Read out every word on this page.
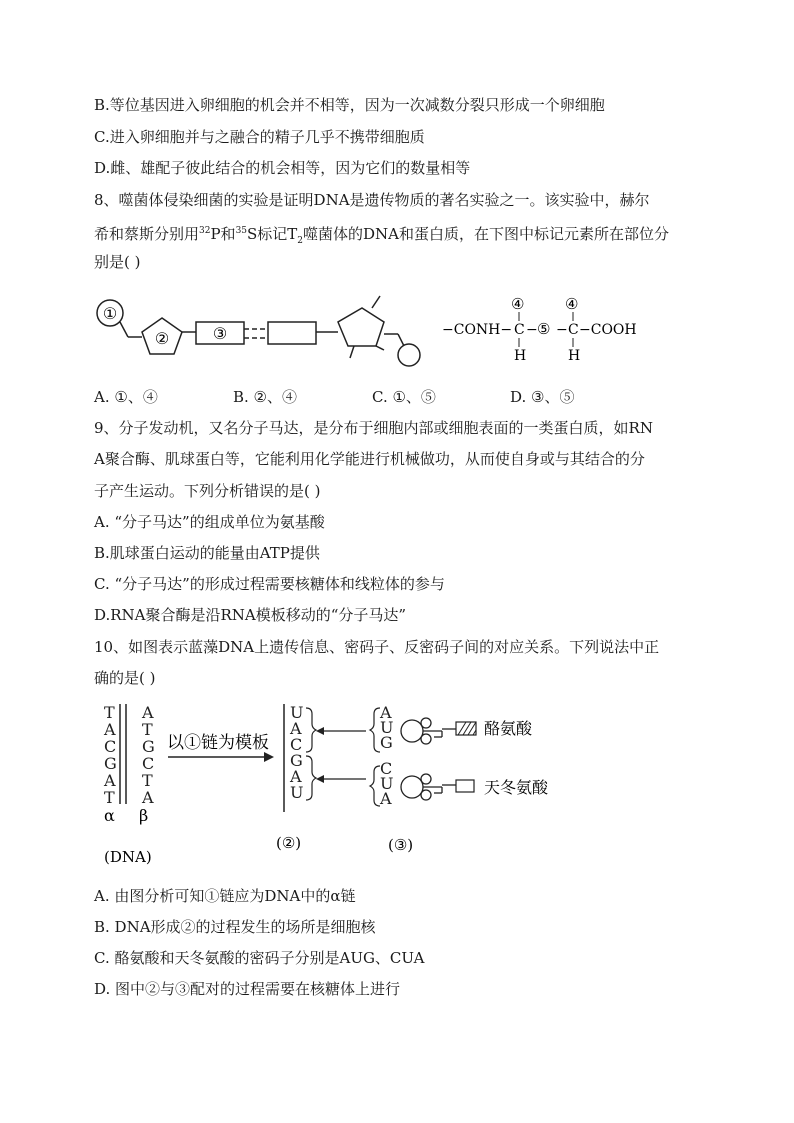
B.等位基因进入卵细胞的机会并不相等，因为一次减数分裂只形成一个卵细胞
C.进入卵细胞并与之融合的精子几乎不携带细胞质
D.雌、雄配子彼此结合的机会相等，因为它们的数量相等
8、噬菌体侵染细菌的实验是证明DNA是遗传物质的著名实验之一。该实验中，赫尔
希和蔡斯分别用$^{32}$P和$^{35}$S标记$T_2$噬菌体的DNA和蛋白质，在下图中标记元素所在部位分
别是( )
①
②	③	−CONH− C
④
H
− ⑤ − C
④
H
−COOH
A. ①、④	B. ②、④	C. ①、⑤	D. ③、⑤
9、分子发动机，又名分子马达，是分布于细胞内部或细胞表面的一类蛋白质，如RN
A聚合酶、肌球蛋白等，它能利用化学能进行机械做功，从而使自身或与其结合的分
子产生运动。下列分析错误的是( )
A. “分子马达”的组成单位为氨基酸
B.肌球蛋白运动的能量由ATP提供
C. “分子马达”的形成过程需要核糖体和线粒体的参与
D.RNA聚合酶是沿RNA模板移动的“分子马达”
10、如图表示蓝藻DNA上遗传信息、密码子、反密码子间的对应关系。下列说法中正
确的是( )
T
A
C
G
A
T
A
T
G
C
T
A
α β
以①链为模板
U
A
C
G
A
U
A
U
G
酪氨酸
C
U
A
天冬氨酸
(DNA)
(②)	(③)
A. 由图分析可知①链应为DNA中的α链
B. DNA形成②的过程发生的场所是细胞核
C. 酪氨酸和天冬氨酸的密码子分别是AUG、CUA
D. 图中②与③配对的过程需要在核糖体上进行
